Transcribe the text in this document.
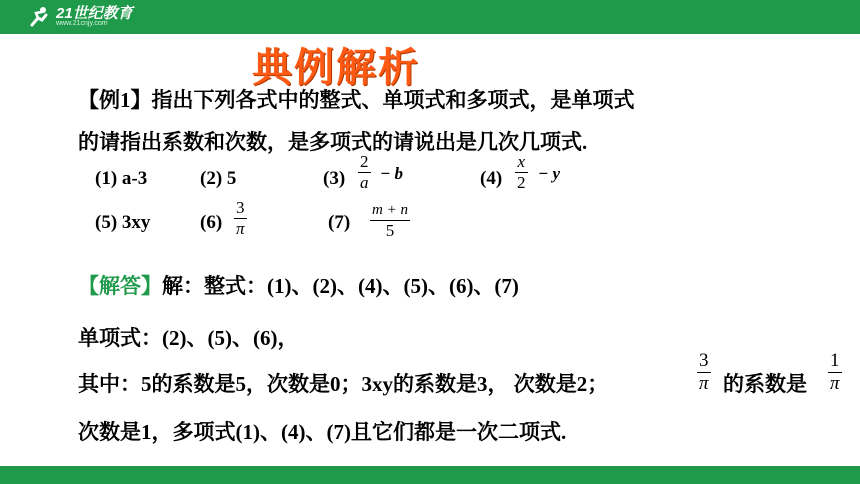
21世纪教育
www.21cnjy.com
典例解析
【例1】指出下列各式中的整式、单项式和多项式，是单项式
的请指出系数和次数，是多项式的请说出是几次几项式.
(1) a-3	(2) 5	(3)
2
a − b	(4)
x
2 − y
(5) 3xy	(6)
3
π	(7)
m + n
5
【解答】解：整式：(1)、(2)、(4)、(5)、(6)、(7)
单项式：(2)、(5)、(6)，
其中：5的系数是5，次数是0；3xy的系数是3， 次数是2；
3
π 的系数是
1
π
次数是1，多项式(1)、(4)、(7)且它们都是一次二项式.
